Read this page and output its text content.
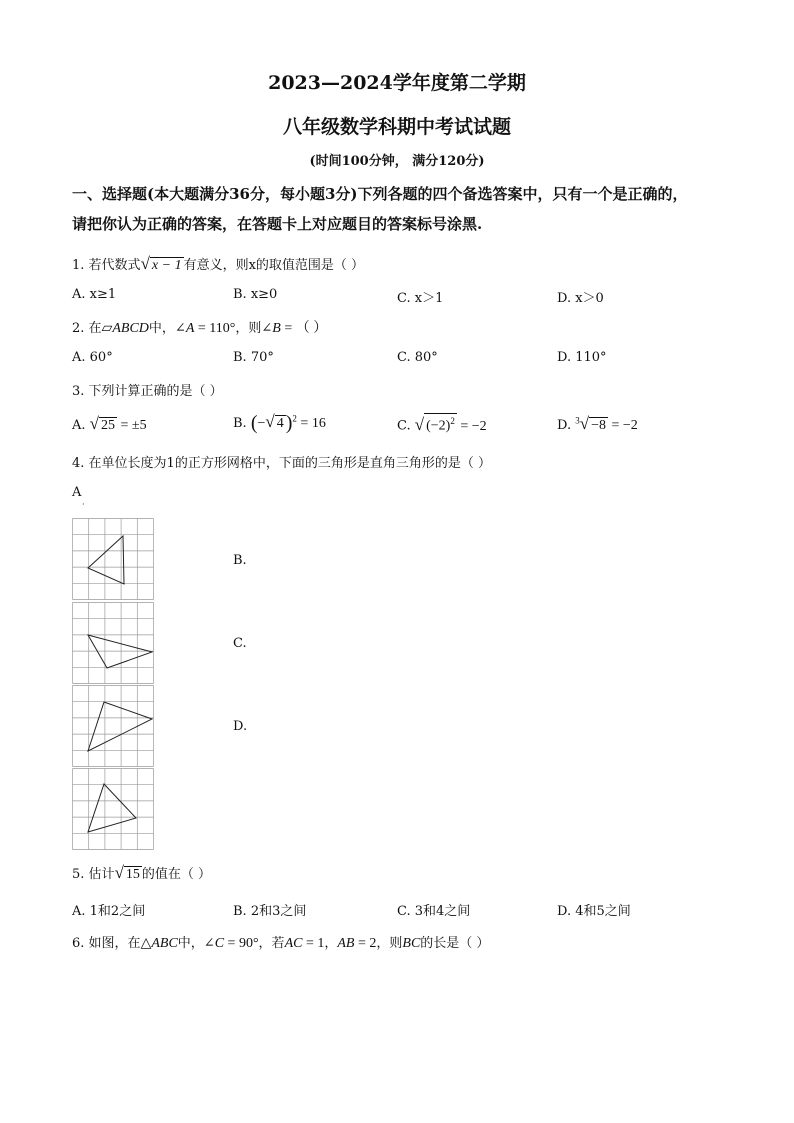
2023—2024学年度第二学期
八年级数学科期中考试试题
(时间100分钟， 满分120分)
一、选择题(本大题满分36分，每小题3分)下列各题的四个备选答案中，只有一个是正确的，
请把你认为正确的答案，在答题卡上对应题目的答案标号涂黑.
1. 若代数式√ x − 1 有意义，则x的取值范围是（ ）
A. x≥1	B. x≥0	C. x＞1	D. x＞0
2. 在▱ABCD中，∠A = 110°，则∠B = （ ）
A. 60°	B. 70°	C. 80°	D. 110°
3. 下列计算正确的是（ ）
A. √ 25 = ±5	B. (−√ 4 )$^2$ = 16	C. √ $(-2)^2 = -2$	D. $^3$√ −8 = −2
4. 在单位长度为1的正方形网格中，下面的三角形是直角三角形的是（ ）
A
·
B.
C.
D.
5. 估计√ 15 的值在（ ）
A. 1和2之间	B. 2和3之间	C. 3和4之间	D. 4和5之间
6. 如图，在△ABC中，∠C = 90°，若AC = 1，AB = 2，则BC的长是（ ）
